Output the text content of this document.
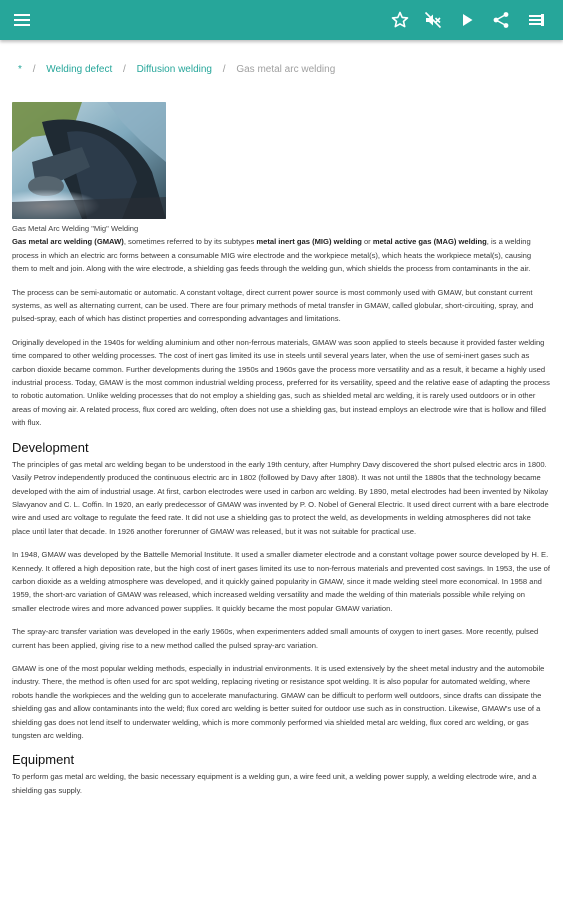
* / Welding defect / Diffusion welding / Gas metal arc welding
Gas Metal Arc Welding "Mig" Welding

Gas metal arc welding (GMAW), sometimes referred to by its subtypes metal inert gas (MIG) welding or metal active gas (MAG) welding, is a welding process in which an electric arc forms between a consumable MIG wire electrode and the workpiece metal(s), which heats the workpiece metal(s), causing them to melt and join. Along with the wire electrode, a shielding gas feeds through the welding gun, which shields the process from contaminants in the air.

The process can be semi-automatic or automatic. A constant voltage, direct current power source is most commonly used with GMAW, but constant current systems, as well as alternating current, can be used. There are four primary methods of metal transfer in GMAW, called globular, short-circuiting, spray, and pulsed-spray, each of which has distinct properties and corresponding advantages and limitations.

Originally developed in the 1940s for welding aluminium and other non-ferrous materials, GMAW was soon applied to steels because it provided faster welding time compared to other welding processes. The cost of inert gas limited its use in steels until several years later, when the use of semi-inert gases such as carbon dioxide became common. Further developments during the 1950s and 1960s gave the process more versatility and as a result, it became a highly used industrial process. Today, GMAW is the most common industrial welding process, preferred for its versatility, speed and the relative ease of adapting the process to robotic automation. Unlike welding processes that do not employ a shielding gas, such as shielded metal arc welding, it is rarely used outdoors or in other areas of moving air. A related process, flux cored arc welding, often does not use a shielding gas, but instead employs an electrode wire that is hollow and filled with flux.

Development

The principles of gas metal arc welding began to be understood in the early 19th century, after Humphry Davy discovered the short pulsed electric arcs in 1800. Vasily Petrov independently produced the continuous electric arc in 1802 (followed by Davy after 1808). It was not until the 1880s that the technology became developed with the aim of industrial usage. At first, carbon electrodes were used in carbon arc welding. By 1890, metal electrodes had been invented by Nikolay Slavyanov and C. L. Coffin. In 1920, an early predecessor of GMAW was invented by P. O. Nobel of General Electric. It used direct current with a bare electrode wire and used arc voltage to regulate the feed rate. It did not use a shielding gas to protect the weld, as developments in welding atmospheres did not take place until later that decade. In 1926 another forerunner of GMAW was released, but it was not suitable for practical use.

In 1948, GMAW was developed by the Battelle Memorial Institute. It used a smaller diameter electrode and a constant voltage power source developed by H. E. Kennedy. It offered a high deposition rate, but the high cost of inert gases limited its use to non-ferrous materials and prevented cost savings. In 1953, the use of carbon dioxide as a welding atmosphere was developed, and it quickly gained popularity in GMAW, since it made welding steel more economical. In 1958 and 1959, the short-arc variation of GMAW was released, which increased welding versatility and made the welding of thin materials possible while relying on smaller electrode wires and more advanced power supplies. It quickly became the most popular GMAW variation.

The spray-arc transfer variation was developed in the early 1960s, when experimenters added small amounts of oxygen to inert gases. More recently, pulsed current has been applied, giving rise to a new method called the pulsed spray-arc variation.

GMAW is one of the most popular welding methods, especially in industrial environments. It is used extensively by the sheet metal industry and the automobile industry. There, the method is often used for arc spot welding, replacing riveting or resistance spot welding. It is also popular for automated welding, where robots handle the workpieces and the welding gun to accelerate manufacturing. GMAW can be difficult to perform well outdoors, since drafts can dissipate the shielding gas and allow contaminants into the weld; flux cored arc welding is better suited for outdoor use such as in construction. Likewise, GMAW's use of a shielding gas does not lend itself to underwater welding, which is more commonly performed via shielded metal arc welding, flux cored arc welding, or gas tungsten arc welding.

Equipment

To perform gas metal arc welding, the basic necessary equipment is a welding gun, a wire feed unit, a welding power supply, a welding electrode wire, and a shielding gas supply.
